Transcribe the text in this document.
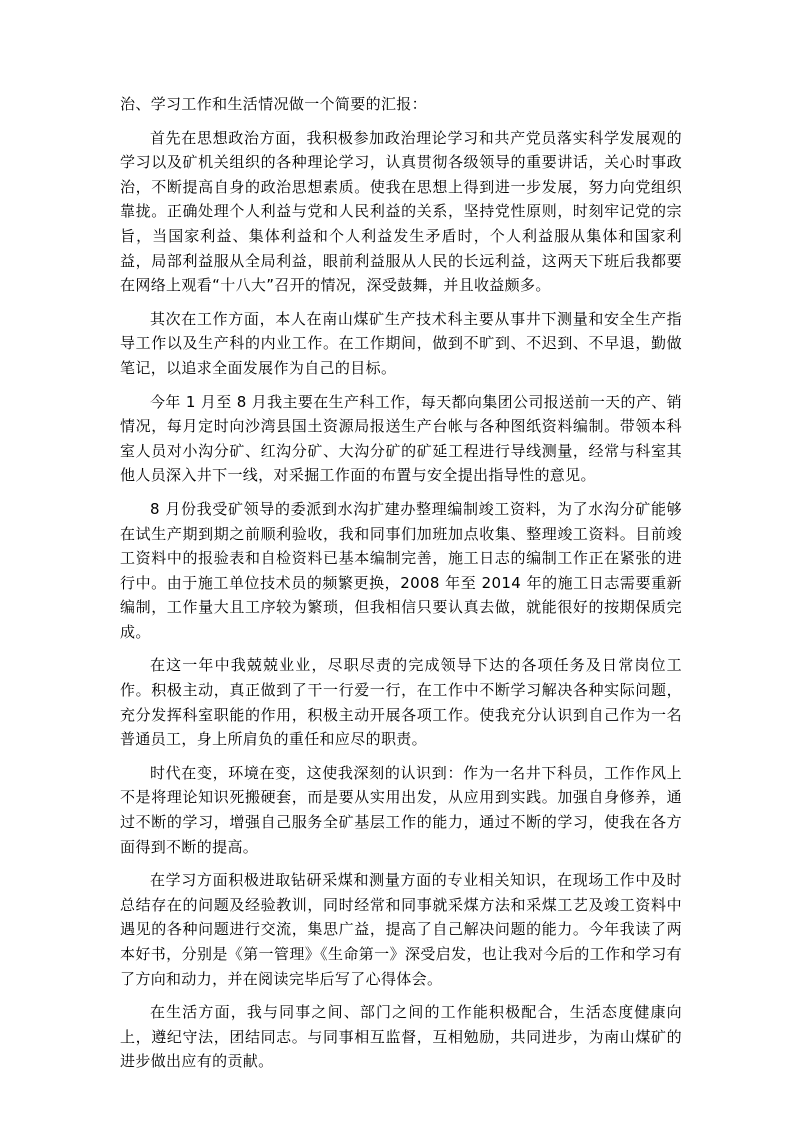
治、学习工作和生活情况做一个简要的汇报：

首先在思想政治方面，我积极参加政治理论学习和共产党员落实科学发展观的学习以及矿机关组织的各种理论学习，认真贯彻各级领导的重要讲话，关心时事政治，不断提高自身的政治思想素质。使我在思想上得到进一步发展，努力向党组织靠拢。正确处理个人利益与党和人民利益的关系，坚持党性原则，时刻牢记党的宗旨，当国家利益、集体利益和个人利益发生矛盾时，个人利益服从集体和国家利益，局部利益服从全局利益，眼前利益服从人民的长远利益，这两天下班后我都要在网络上观看“十八大”召开的情况，深受鼓舞，并且收益颇多。

其次在工作方面，本人在南山煤矿生产技术科主要从事井下测量和安全生产指导工作以及生产科的内业工作。在工作期间，做到不旷到、不迟到、不早退，勤做笔记，以追求全面发展作为自己的目标。

今年 1 月至 8 月我主要在生产科工作，每天都向集团公司报送前一天的产、销情况，每月定时向沙湾县国土资源局报送生产台帐与各种图纸资料编制。带领本科室人员对小沟分矿、红沟分矿、大沟分矿的矿延工程进行导线测量，经常与科室其他人员深入井下一线，对采掘工作面的布置与安全提出指导性的意见。

8 月份我受矿领导的委派到水沟扩建办整理编制竣工资料，为了水沟分矿能够在试生产期到期之前顺利验收，我和同事们加班加点收集、整理竣工资料。目前竣工资料中的报验表和自检资料已基本编制完善，施工日志的编制工作正在紧张的进行中。由于施工单位技术员的频繁更换，2008 年至 2014 年的施工日志需要重新编制，工作量大且工序较为繁琐，但我相信只要认真去做，就能很好的按期保质完成。

在这一年中我兢兢业业，尽职尽责的完成领导下达的各项任务及日常岗位工作。积极主动，真正做到了干一行爱一行，在工作中不断学习解决各种实际问题，充分发挥科室职能的作用，积极主动开展各项工作。使我充分认识到自己作为一名普通员工，身上所肩负的重任和应尽的职责。

时代在变，环境在变，这使我深刻的认识到：作为一名井下科员，工作作风上不是将理论知识死搬硬套，而是要从实用出发，从应用到实践。加强自身修养，通过不断的学习，增强自己服务全矿基层工作的能力，通过不断的学习，使我在各方面得到不断的提高。

在学习方面积极进取钻研采煤和测量方面的专业相关知识，在现场工作中及时总结存在的问题及经验教训，同时经常和同事就采煤方法和采煤工艺及竣工资料中遇见的各种问题进行交流，集思广益，提高了自己解决问题的能力。今年我读了两本好书，分别是《第一管理》《生命第一》深受启发，也让我对今后的工作和学习有了方向和动力，并在阅读完毕后写了心得体会。

在生活方面，我与同事之间、部门之间的工作能积极配合，生活态度健康向上，遵纪守法，团结同志。与同事相互监督，互相勉励，共同进步，为南山煤矿的进步做出应有的贡献。
